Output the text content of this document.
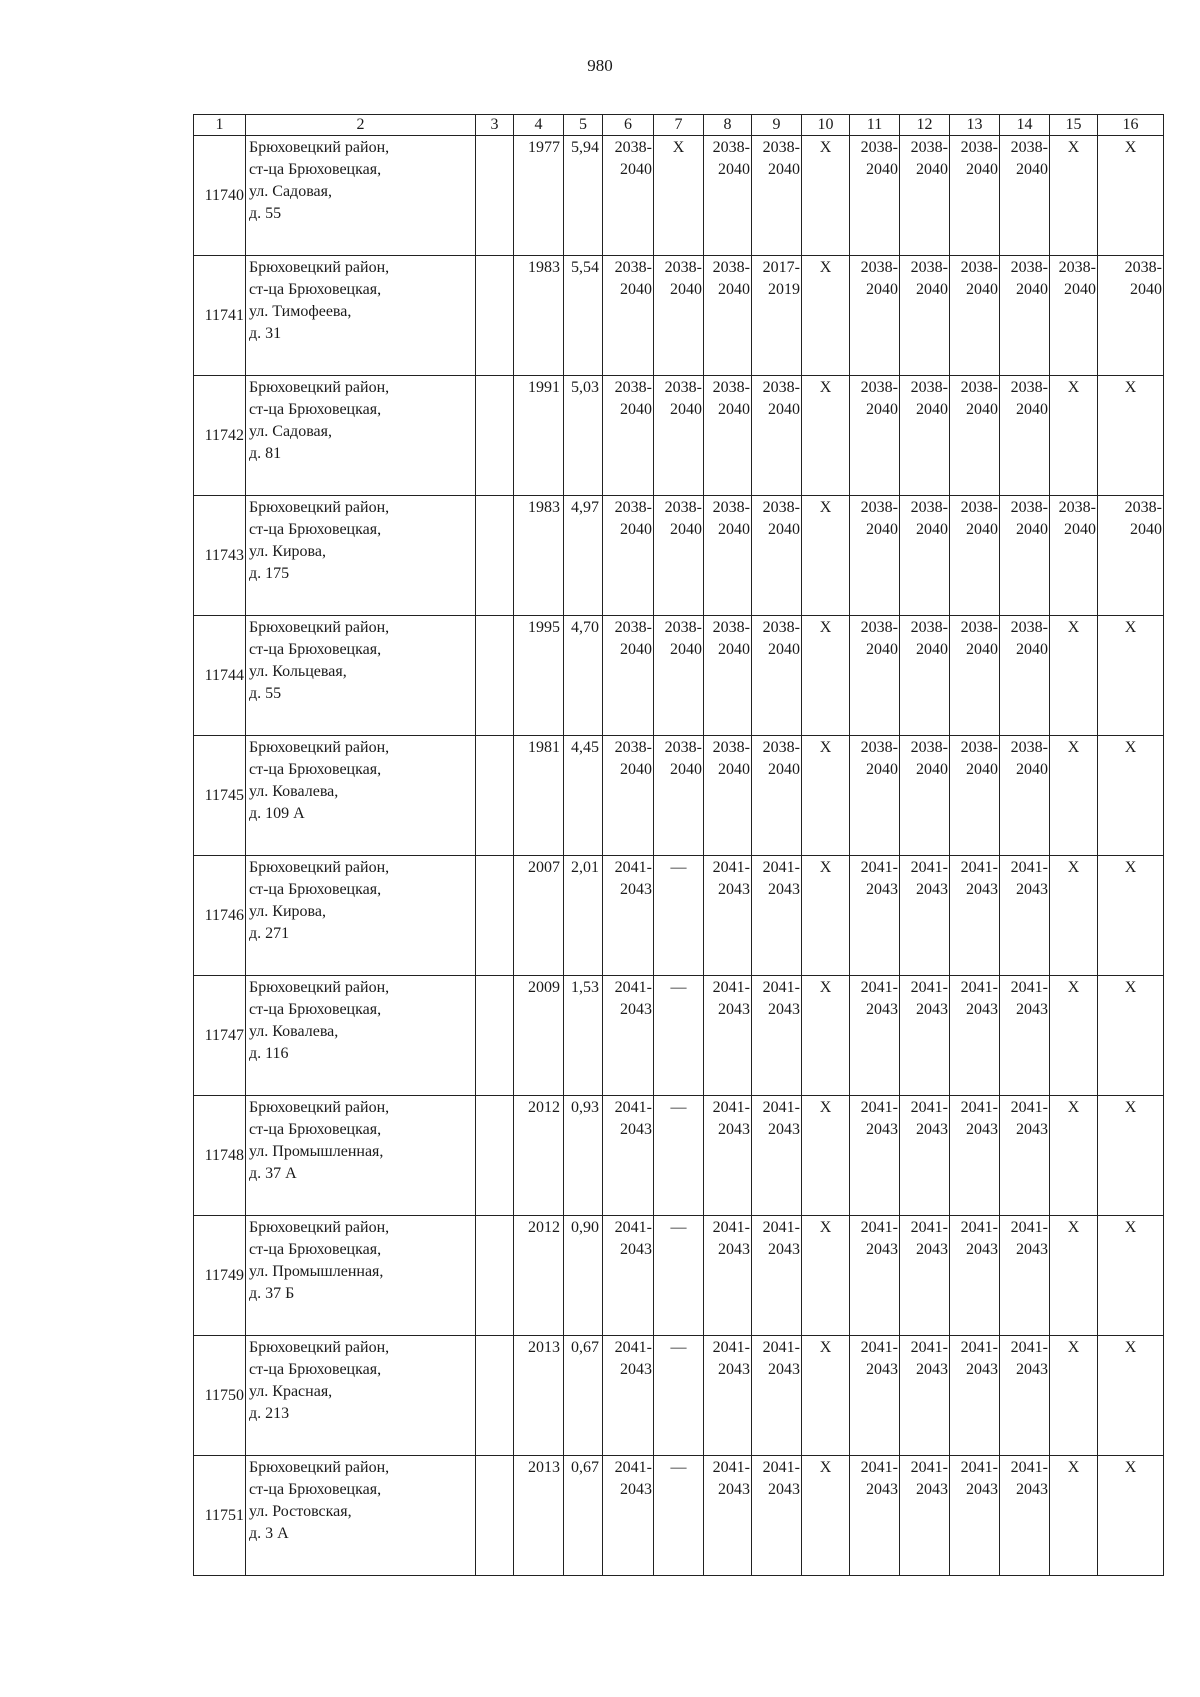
980
1	2	3	4	5	6	7	8	9	10	11	12	13	14	15	16
11740	Брюховецкий район,
ст-ца Брюховецкая,
ул. Садовая,
д. 55		1977	5,94	2038-
2040	X	2038-
2040	2038-
2040	X	2038-
2040	2038-
2040	2038-
2040	2038-
2040	X	X

11741	Брюховецкий район,
ст-ца Брюховецкая,
ул. Тимофеева,
д. 31		1983	5,54	2038-
2040	2038-
2040	2038-
2040	2017-
2019	X	2038-
2040	2038-
2040	2038-
2040	2038-
2040	2038-
2040	2038-
2040

11742	Брюховецкий район,
ст-ца Брюховецкая,
ул. Садовая,
д. 81		1991	5,03	2038-
2040	2038-
2040	2038-
2040	2038-
2040	X	2038-
2040	2038-
2040	2038-
2040	2038-
2040	X	X

11743	Брюховецкий район,
ст-ца Брюховецкая,
ул. Кирова,
д. 175		1983	4,97	2038-
2040	2038-
2040	2038-
2040	2038-
2040	X	2038-
2040	2038-
2040	2038-
2040	2038-
2040	2038-
2040	2038-
2040

11744	Брюховецкий район,
ст-ца Брюховецкая,
ул. Кольцевая,
д. 55		1995	4,70	2038-
2040	2038-
2040	2038-
2040	2038-
2040	X	2038-
2040	2038-
2040	2038-
2040	2038-
2040	X	X

11745	Брюховецкий район,
ст-ца Брюховецкая,
ул. Ковалева,
д. 109 А		1981	4,45	2038-
2040	2038-
2040	2038-
2040	2038-
2040	X	2038-
2040	2038-
2040	2038-
2040	2038-
2040	X	X

11746	Брюховецкий район,
ст-ца Брюховецкая,
ул. Кирова,
д. 271		2007	2,01	2041-
2043	—	2041-
2043	2041-
2043	X	2041-
2043	2041-
2043	2041-
2043	2041-
2043	X	X

11747	Брюховецкий район,
ст-ца Брюховецкая,
ул. Ковалева,
д. 116		2009	1,53	2041-
2043	—	2041-
2043	2041-
2043	X	2041-
2043	2041-
2043	2041-
2043	2041-
2043	X	X

11748	Брюховецкий район,
ст-ца Брюховецкая,
ул. Промышленная,
д. 37 А		2012	0,93	2041-
2043	—	2041-
2043	2041-
2043	X	2041-
2043	2041-
2043	2041-
2043	2041-
2043	X	X

11749	Брюховецкий район,
ст-ца Брюховецкая,
ул. Промышленная,
д. 37 Б		2012	0,90	2041-
2043	—	2041-
2043	2041-
2043	X	2041-
2043	2041-
2043	2041-
2043	2041-
2043	X	X

11750	Брюховецкий район,
ст-ца Брюховецкая,
ул. Красная,
д. 213		2013	0,67	2041-
2043	—	2041-
2043	2041-
2043	X	2041-
2043	2041-
2043	2041-
2043	2041-
2043	X	X

11751	Брюховецкий район,
ст-ца Брюховецкая,
ул. Ростовская,
д. 3 А		2013	0,67	2041-
2043	—	2041-
2043	2041-
2043	X	2041-
2043	2041-
2043	2041-
2043	2041-
2043	X	X
